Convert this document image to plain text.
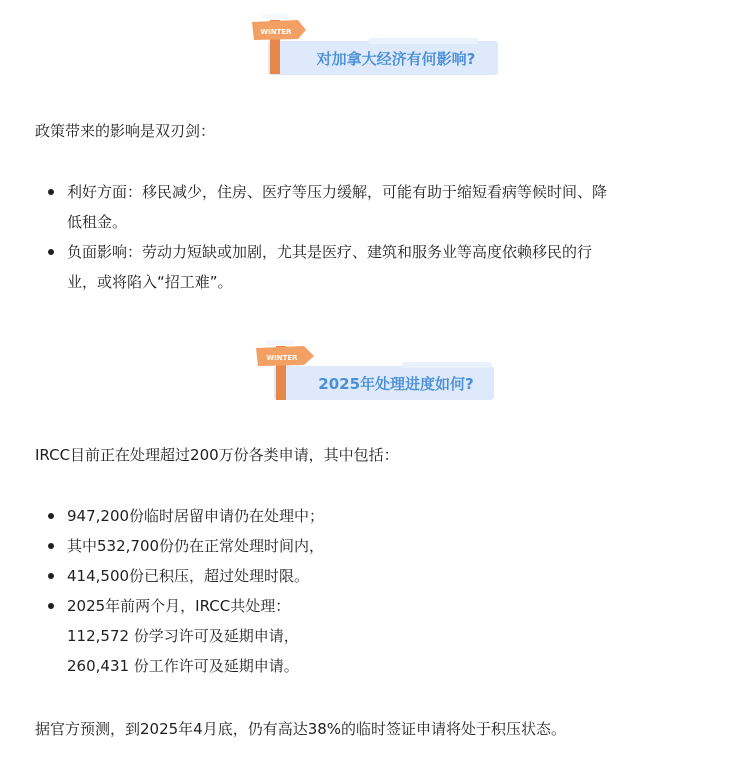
对加拿大经济有何影响?
WINTER
政策带来的影响是双刃剑：
利好方面：移民减少，住房、医疗等压力缓解，可能有助于缩短看病等候时间、降
低租金。
负面影响：劳动力短缺或加剧，尤其是医疗、建筑和服务业等高度依赖移民的行
业，或将陷入“招工难”。
2025年处理进度如何?
WINTER
IRCC目前正在处理超过200万份各类申请，其中包括：
947,200份临时居留申请仍在处理中；
其中532,700份仍在正常处理时间内，
414,500份已积压，超过处理时限。
2025年前两个月，IRCC共处理：
112,572 份学习许可及延期申请，
260,431 份工作许可及延期申请。
据官方预测，到2025年4月底，仍有高达38%的临时签证申请将处于积压状态。
